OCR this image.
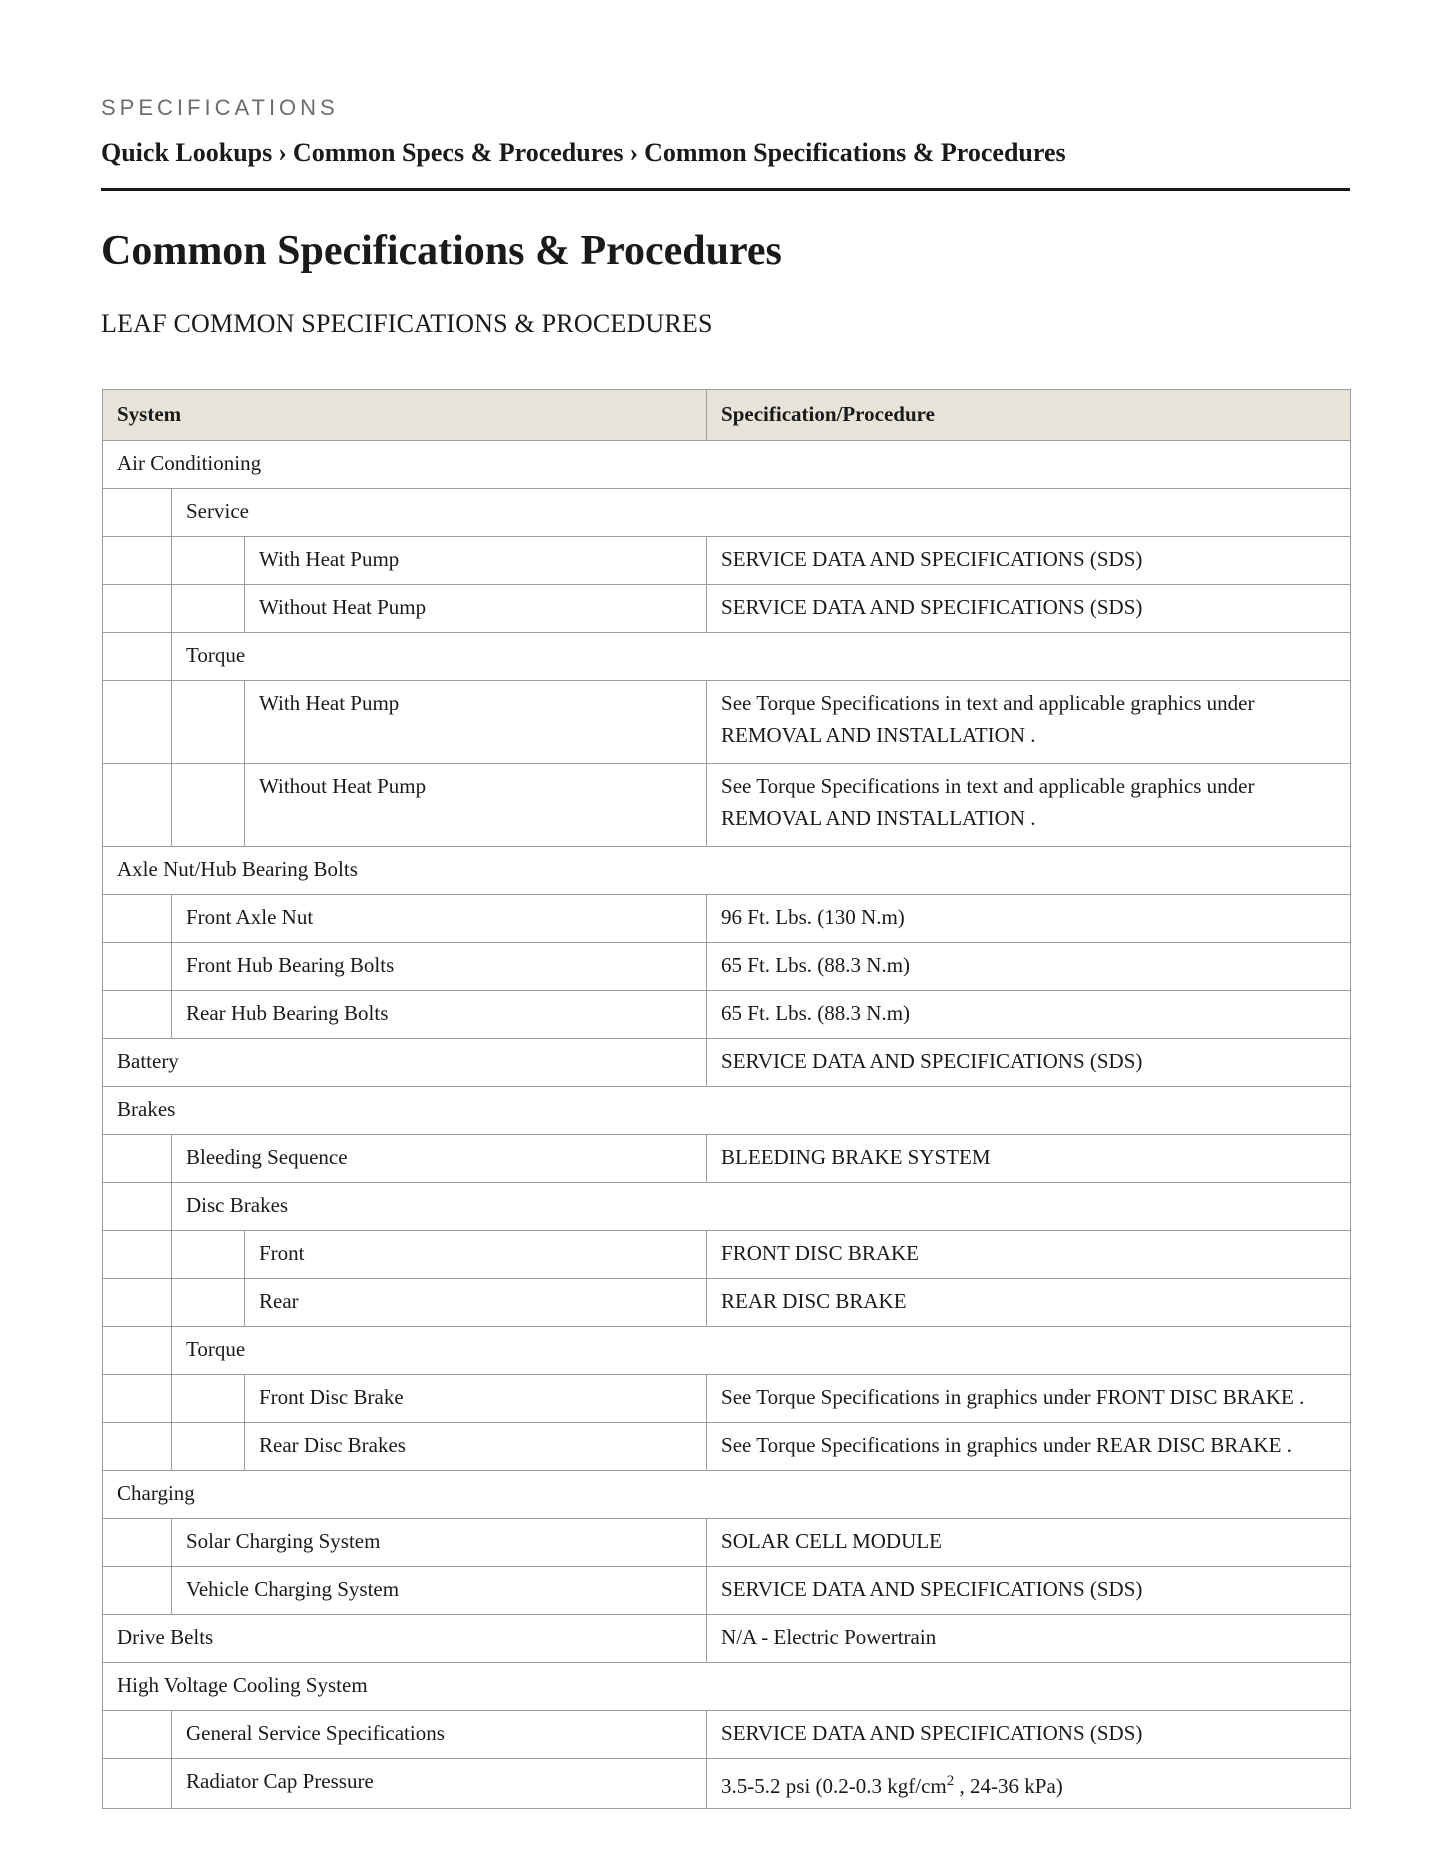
SPECIFICATIONS
Quick Lookups › Common Specs & Procedures › Common Specifications & Procedures
Common Specifications & Procedures
LEAF COMMON SPECIFICATIONS & PROCEDURES
System			Specification/Procedure
Air Conditioning			
	Service		
		With Heat Pump	SERVICE DATA AND SPECIFICATIONS (SDS)
		Without Heat Pump	SERVICE DATA AND SPECIFICATIONS (SDS)
	Torque		
		With Heat Pump	See Torque Specifications in text and applicable graphics under REMOVAL AND INSTALLATION .
		Without Heat Pump	See Torque Specifications in text and applicable graphics under REMOVAL AND INSTALLATION .
Axle Nut/Hub Bearing Bolts			
	Front Axle Nut		96 Ft. Lbs. (130 N.m)
	Front Hub Bearing Bolts		65 Ft. Lbs. (88.3 N.m)
	Rear Hub Bearing Bolts		65 Ft. Lbs. (88.3 N.m)
Battery			SERVICE DATA AND SPECIFICATIONS (SDS)
Brakes			
	Bleeding Sequence		BLEEDING BRAKE SYSTEM
	Disc Brakes		
		Front	FRONT DISC BRAKE
		Rear	REAR DISC BRAKE
	Torque		
		Front Disc Brake	See Torque Specifications in graphics under FRONT DISC BRAKE .
		Rear Disc Brakes	See Torque Specifications in graphics under REAR DISC BRAKE .
Charging			
	Solar Charging System		SOLAR CELL MODULE
	Vehicle Charging System		SERVICE DATA AND SPECIFICATIONS (SDS)
Drive Belts			N/A - Electric Powertrain
High Voltage Cooling System			
	General Service Specifications		SERVICE DATA AND SPECIFICATIONS (SDS)
	Radiator Cap Pressure		3.5-5.2 psi (0.2-0.3 kgf/$cm^2$ , 24-36 kPa)
